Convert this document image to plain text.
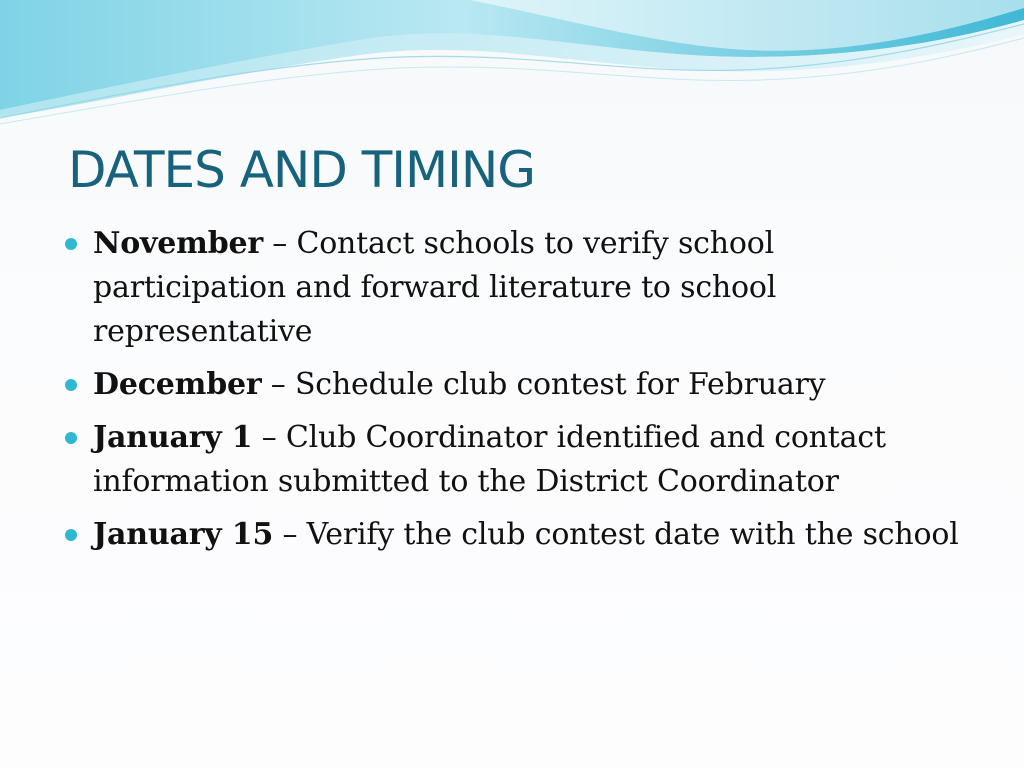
DATES AND TIMING
November – Contact schools to verify school participation and forward literature to school representative
December – Schedule club contest for February
January 1 – Club Coordinator identified and contact information submitted to the District Coordinator
January 15 – Verify the club contest date with the school
